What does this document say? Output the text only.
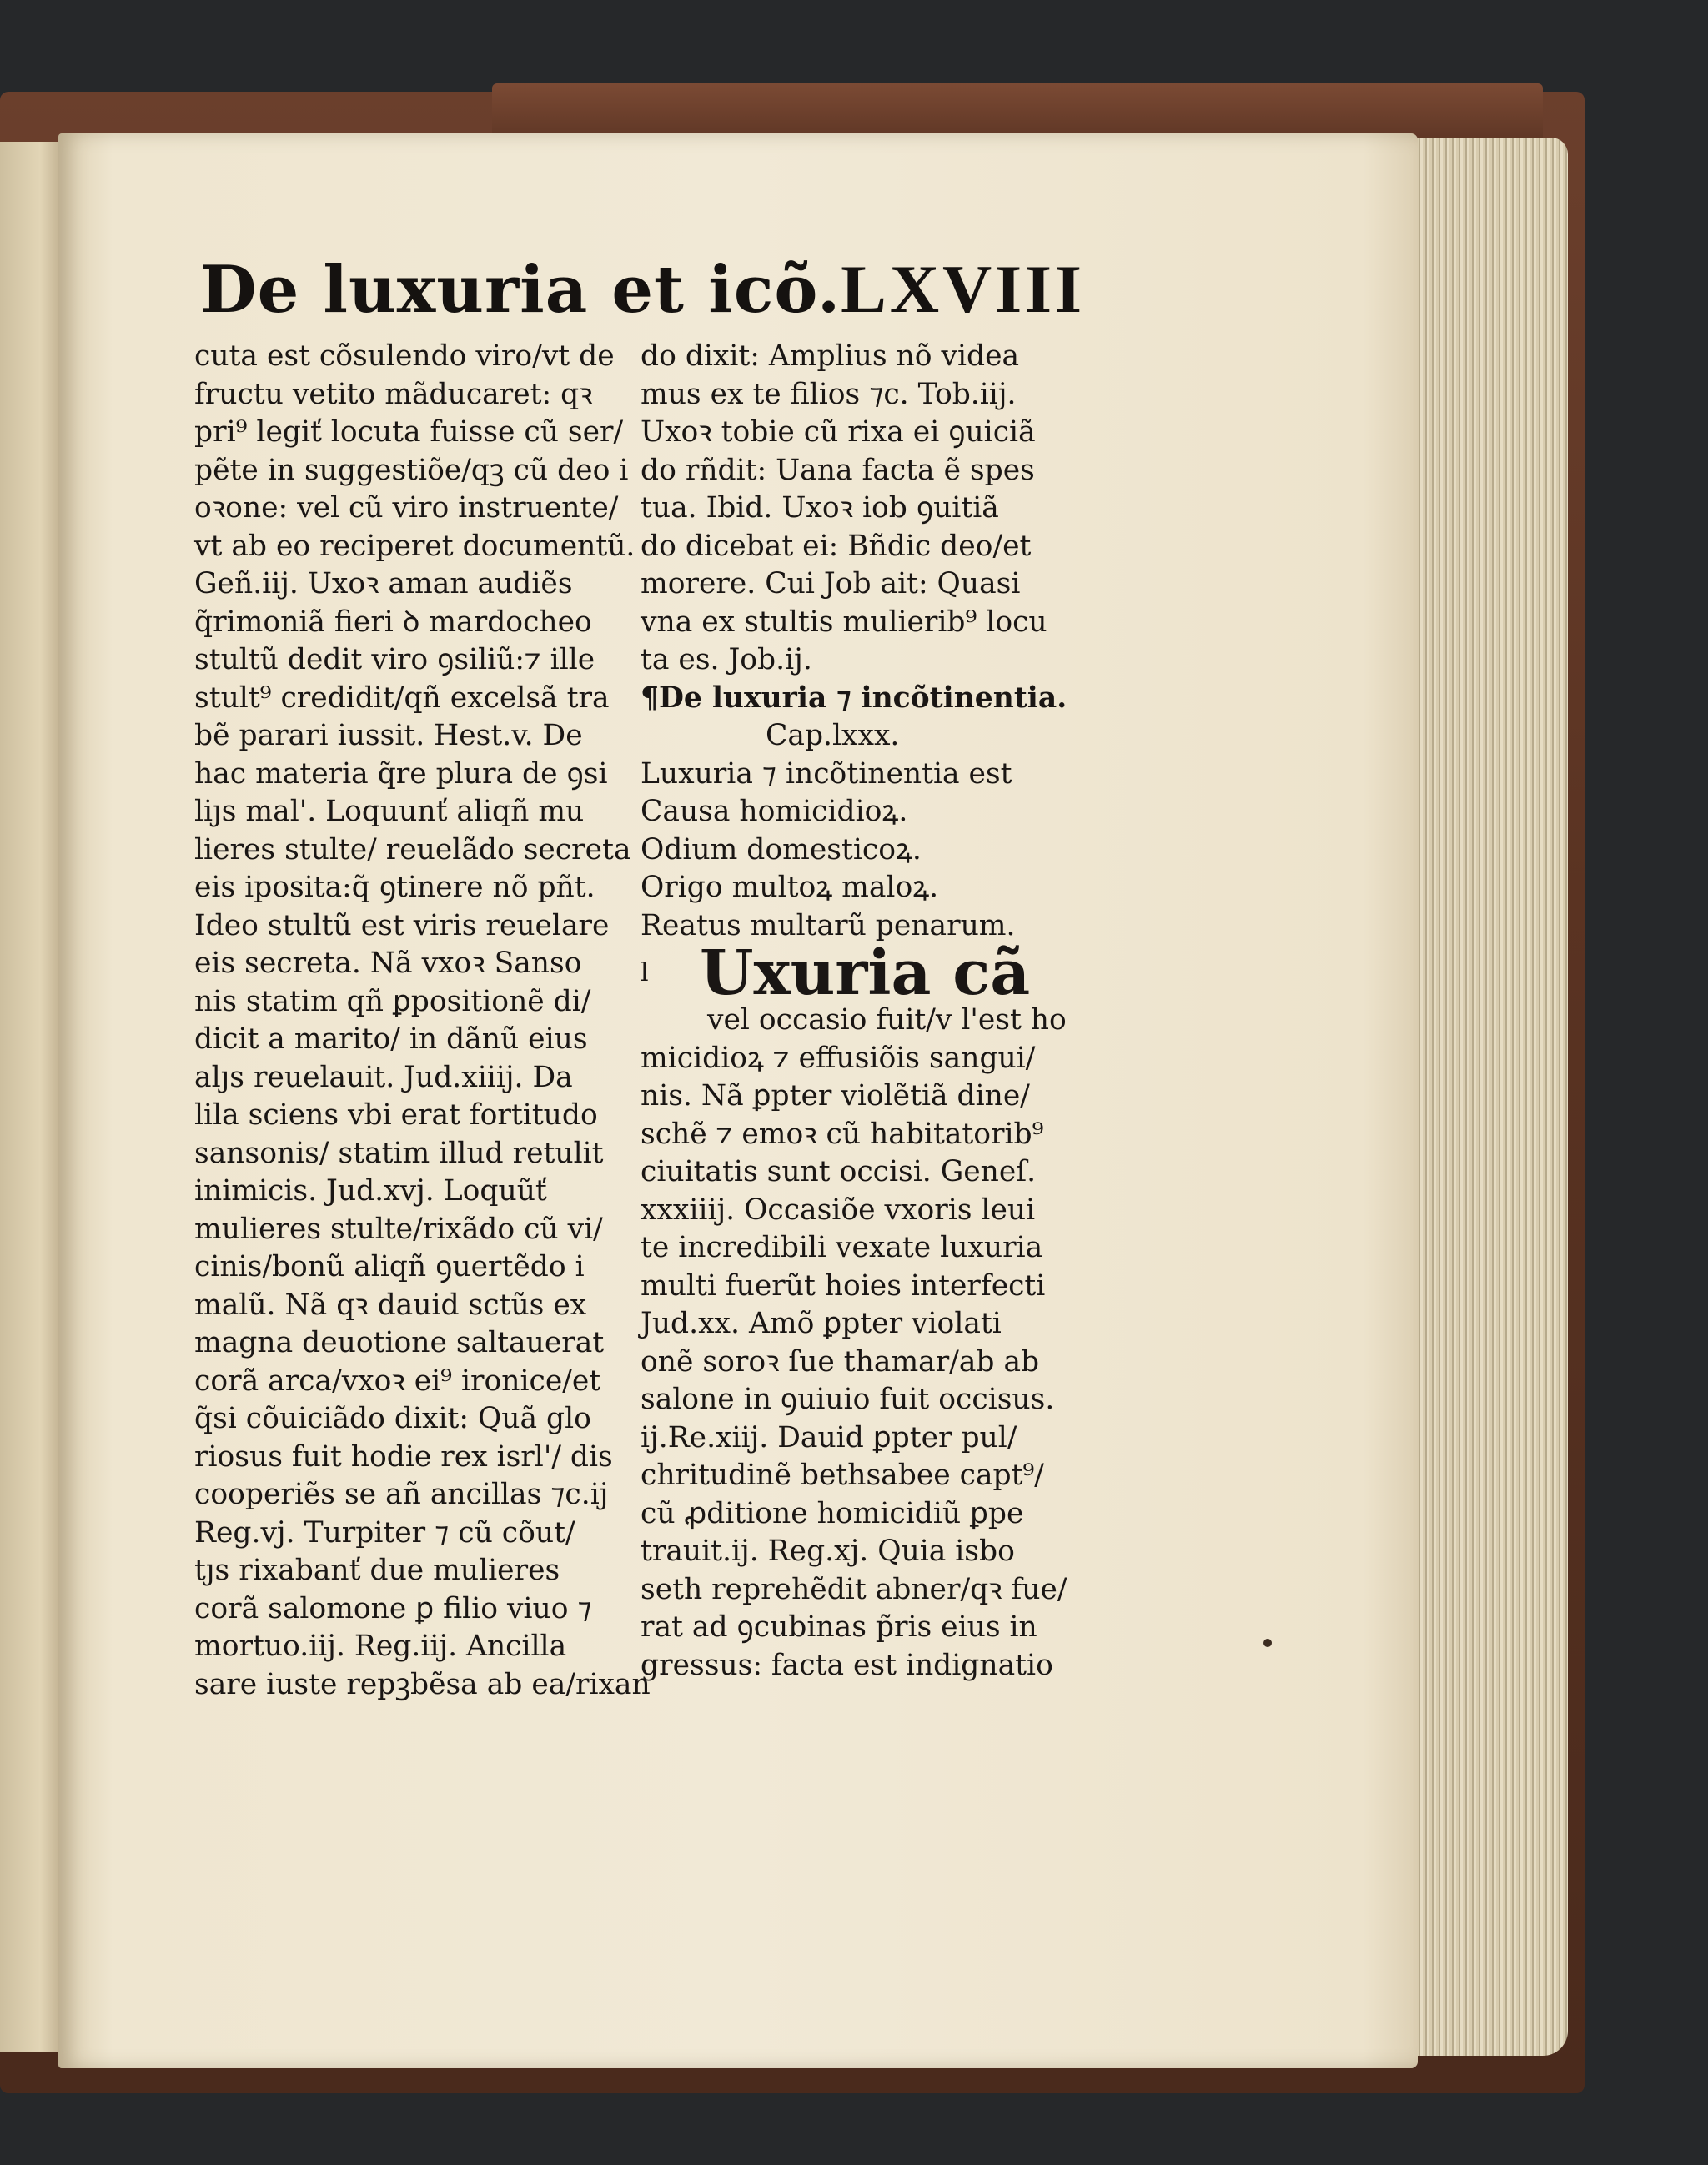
De luxuria et icõ. LXVIII
cuta est cõsulendo viro/vt de
fructu vetito mãducaret: qꝛ
pri⁹ legiť locuta fuisse cũ ser/
pẽte in suggestiõe/qꝫ cũ deo i
oꝛone: vel cũ viro instruente/
vt ab eo reciperet documentũ.
Geñ.iij. Uxoꝛ aman audiẽs
q̃rimoniã fieri ꝺ mardocheo
stultũ dedit viro ꝯsiliũ:⁊ ille
stult⁹ credidit/qñ excelsã tra
bẽ parari iussit. Hest.v. De
hac materia q̃re plura de ꝯsi
liȷs mal'. Loquunť aliqñ mu
lieres stulte/ reuelãdo secreta
eis iposita:q̃ ꝯtinere nõ pñt.
Ideo stultũ est viris reuelare
eis secreta. Nã vxoꝛ Sanso
nis statim qñ ꝑpositionẽ di/
dicit a marito/ in dãnũ eius
alȷs reuelauit. Jud.xiiij. Da
lila sciens vbi erat fortitudo
sansonis/ statim illud retulit
inimicis. Jud.xvj. Loquũť
mulieres stulte/rixãdo cũ vi/
cinis/bonũ aliqñ ꝯuertẽdo i
malũ. Nã qꝛ dauid sctũs ex
magna deuotione saltauerat
corã arca/vxoꝛ ei⁹ ironice/et
q̃si cõuiciãdo dixit: Quã glo
riosus fuit hodie rex isrl'/ dis
cooperiẽs se añ ancillas ⁊c.ij
Reg.vj. Turpiter ⁊ cũ cõut/
tȷs rixabanť due mulieres
corã salomone ꝑ filio viuo ⁊
mortuo.iij. Reg.iij. Ancilla
sare iuste repꝫbẽsa ab ea/rixan
do dixit: Amplius nõ videa
mus ex te filios ⁊c. Tob.iij.
Uxoꝛ tobie cũ rixa ei ꝯuiciã
do rñdit: Uana facta ẽ spes
tua. Ibid. Uxoꝛ iob ꝯuitiã
do dicebat ei: Bñdic deo/et
morere. Cui Job ait: Quasi
vna ex stultis mulierib⁹ locu
ta es. Job.ij.
¶De luxuria ⁊ incõtinentia.
Cap.lxxx.
Luxuria ⁊ incõtinentia est
Causa homicidioꝝ.
Odium domesticoꝝ.
Origo multoꝝ maloꝝ.
Reatus multarũ penarum.
l Uxuria cã
vel occasio fuit/v l'est ho
micidioꝝ ⁊ effusiõis sangui/
nis. Nã ꝑpter violẽtiã dine/
schẽ ⁊ emoꝛ cũ habitatorib⁹
ciuitatis sunt occisi. Geneſ.
xxxiiij. Occasiõe vxoris leui
te incredibili vexate luxuria
multi fuerũt hoies interfecti
Jud.xx. Amõ ꝑpter violati
onẽ soroꝛ ſue thamar/ab ab
salone in ꝯuiuio fuit occisus.
ij.Re.xiij. Dauid ꝑpter pul/
chritudinẽ bethsabee capt⁹/
cũ ꝓditione homicidiũ ꝑpe
trauit.ij. Reg.xj. Quia isbo
seth reprehẽdit abner/qꝛ fue/
rat ad ꝯcubinas p̃ris eius in
gressus: facta est indignatio
